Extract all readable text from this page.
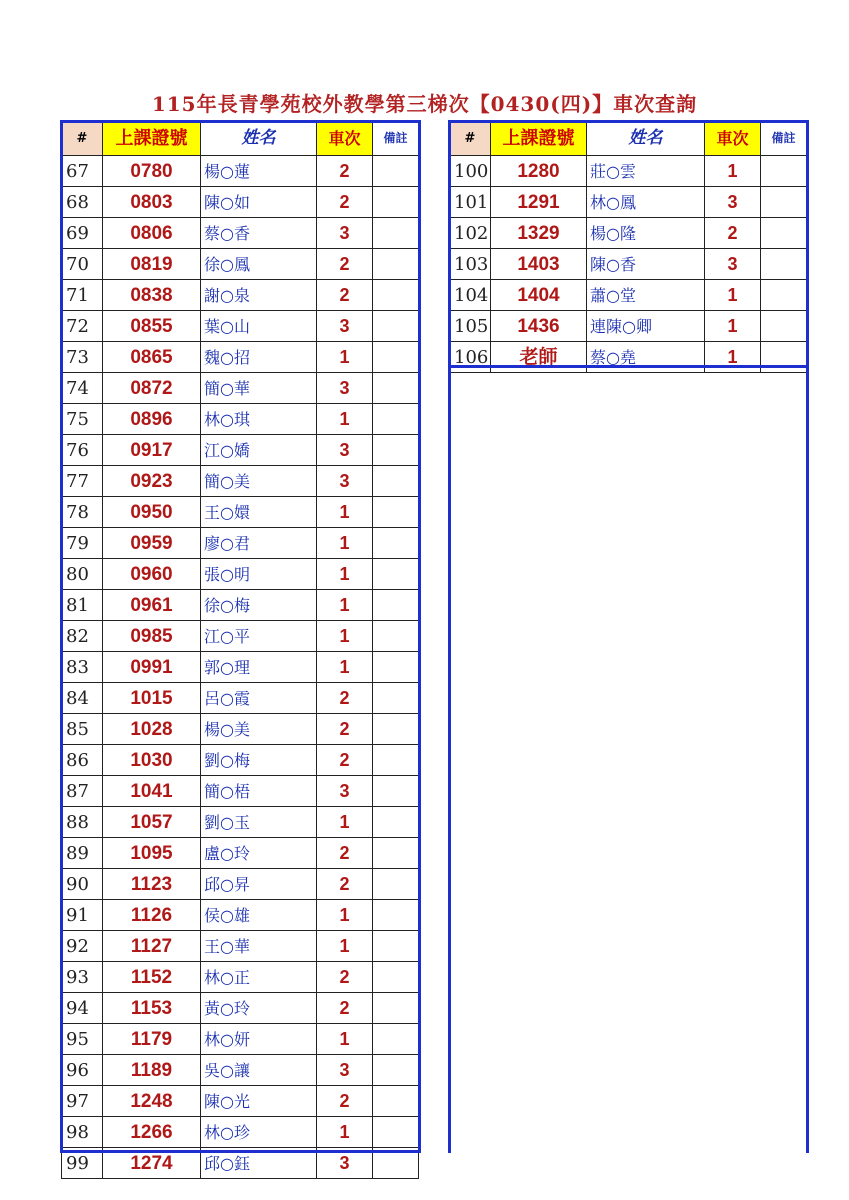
115年長青學苑校外教學第三梯次【0430(四)】車次查詢
#	上課證號	姓名	車次	備註
67	0780	楊○蓮	2	
68	0803	陳○如	2	
69	0806	蔡○香	3	
70	0819	徐○鳳	2	
71	0838	謝○泉	2	
72	0855	葉○山	3	
73	0865	魏○招	1	
74	0872	簡○華	3	
75	0896	林○琪	1	
76	0917	江○嬌	3	
77	0923	簡○美	3	
78	0950	王○嬛	1	
79	0959	廖○君	1	
80	0960	張○明	1	
81	0961	徐○梅	1	
82	0985	江○平	1	
83	0991	郭○理	1	
84	1015	呂○霞	2	
85	1028	楊○美	2	
86	1030	劉○梅	2	
87	1041	簡○梧	3	
88	1057	劉○玉	1	
89	1095	盧○玲	2	
90	1123	邱○昇	2	
91	1126	侯○雄	1	
92	1127	王○華	1	
93	1152	林○正	2	
94	1153	黃○玲	2	
95	1179	林○妍	1	
96	1189	吳○讓	3	
97	1248	陳○光	2	
98	1266	林○珍	1	
99	1274	邱○鈺	3	
#	上課證號	姓名	車次	備註
100	1280	莊○雲	1	
101	1291	林○鳳	3	
102	1329	楊○隆	2	
103	1403	陳○香	3	
104	1404	蕭○堂	1	
105	1436	連陳○卿	1	
106	老師	蔡○堯	1	
